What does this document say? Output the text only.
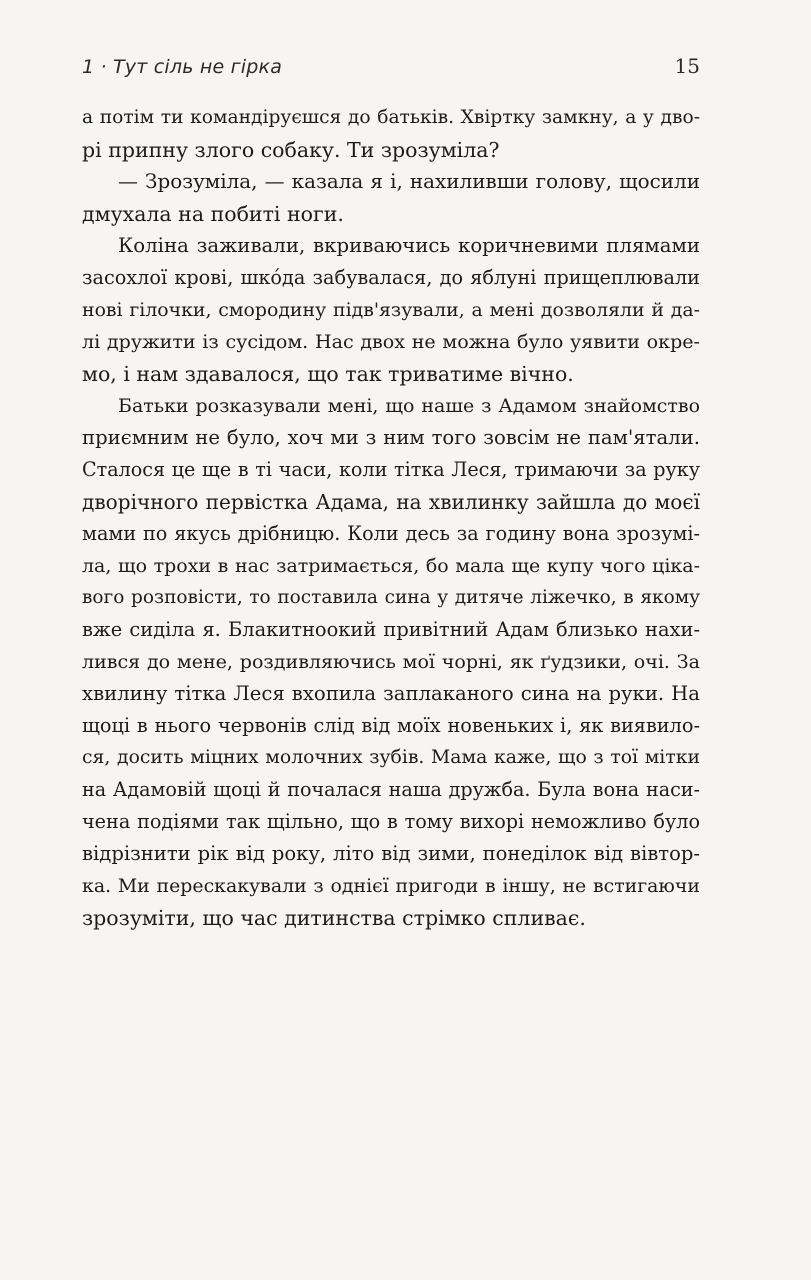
1 · Тут сіль не гірка	15
а потім ти командіруєшся до батьків. Хвіртку замкну, а у дво-
рі припну злого собаку. Ти зрозуміла?
— Зрозуміла, — казала я і, нахиливши голову, щосили
дмухала на побиті ноги.
Коліна заживали, вкриваючись коричневими плямами
засохлої крові, шкóда забувалася, до яблуні прищеплювали
нові гілочки, смородину підв'язували, а мені дозволяли й да-
лі дружити із сусідом. Нас двох не можна було уявити окре-
мо, і нам здавалося, що так триватиме вічно.
Батьки розказували мені, що наше з Адамом знайомство
приємним не було, хоч ми з ним того зовсім не пам'ятали.
Сталося це ще в ті часи, коли тітка Леся, тримаючи за руку
дворічного первістка Адама, на хвилинку зайшла до моєї
мами по якусь дрібницю. Коли десь за годину вона зрозумі-
ла, що трохи в нас затримається, бо мала ще купу чого ціка-
вого розповісти, то поставила сина у дитяче ліжечко, в якому
вже сиділа я. Блакитноокий привітний Адам близько нахи-
лився до мене, роздивляючись мої чорні, як ґудзики, очі. За
хвилину тітка Леся вхопила заплаканого сина на руки. На
щоці в нього червонів слід від моїх новеньких і, як виявило-
ся, досить міцних молочних зубів. Мама каже, що з тої мітки
на Адамовій щоці й почалася наша дружба. Була вона наси-
чена подіями так щільно, що в тому вихорі неможливо було
відрізнити рік від року, літо від зими, понеділок від вівтор-
ка. Ми перескакували з однієї пригоди в іншу, не встигаючи
зрозуміти, що час дитинства стрімко спливає.
